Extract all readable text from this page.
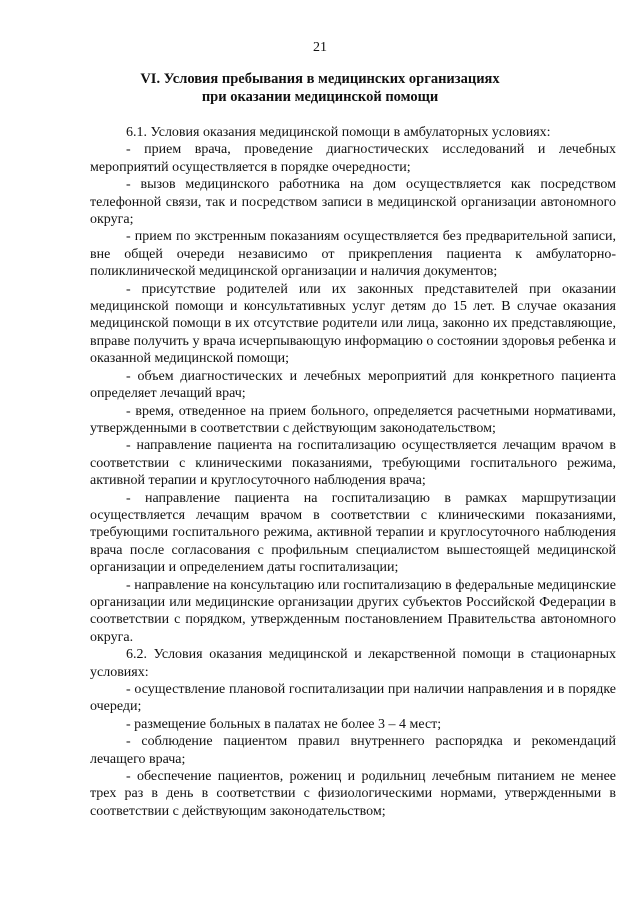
21
VI. Условия пребывания в медицинских организациях
при оказании медицинской помощи

6.1. Условия оказания медицинской помощи в амбулаторных условиях:

- прием врача, проведение диагностических исследований и лечебных мероприятий осуществляется в порядке очередности;

- вызов медицинского работника на дом осуществляется как посредством телефонной связи, так и посредством записи в медицинской организации автономного округа;

- прием по экстренным показаниям осуществляется без предварительной записи, вне общей очереди независимо от прикрепления пациента к амбулаторно-поликлинической медицинской организации и наличия документов;

- присутствие родителей или их законных представителей при оказании медицинской помощи и консультативных услуг детям до 15 лет. В случае оказания медицинской помощи в их отсутствие родители или лица, законно их представляющие, вправе получить у врача исчерпывающую информацию о состоянии здоровья ребенка и оказанной медицинской помощи;

- объем диагностических и лечебных мероприятий для конкретного пациента определяет лечащий врач;

- время, отведенное на прием больного, определяется расчетными нормативами, утвержденными в соответствии с действующим законодательством;

- направление пациента на госпитализацию осуществляется лечащим врачом в соответствии с клиническими показаниями, требующими госпитального режима, активной терапии и круглосуточного наблюдения врача;

- направление пациента на госпитализацию в рамках маршрутизации осуществляется лечащим врачом в соответствии с клиническими показаниями, требующими госпитального режима, активной терапии и круглосуточного наблюдения врача после согласования с профильным специалистом вышестоящей медицинской организации и определением даты госпитализации;

- направление на консультацию или госпитализацию в федеральные медицинские организации или медицинские организации других субъектов Российской Федерации в соответствии с порядком, утвержденным постановлением Правительства автономного округа.

6.2. Условия оказания медицинской и лекарственной помощи в стационарных условиях:

- осуществление плановой госпитализации при наличии направления и в порядке очереди;

- размещение больных в палатах не более 3 – 4 мест;

- соблюдение пациентом правил внутреннего распорядка и рекомендаций лечащего врача;

- обеспечение пациентов, рожениц и родильниц лечебным питанием не менее трех раз в день в соответствии с физиологическими нормами, утвержденными в соответствии с действующим законодательством;
